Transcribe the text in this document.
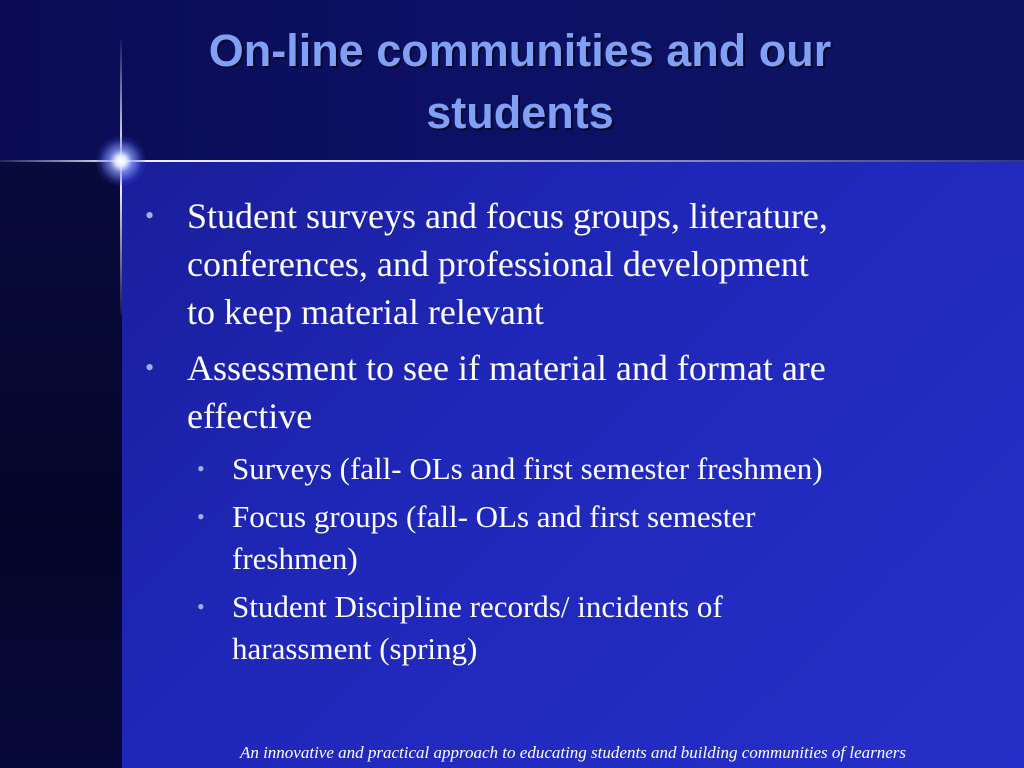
On-line communities and our
students
• Student surveys and focus groups, literature,
conferences, and professional development
to keep material relevant
• Assessment to see if material and format are
effective
• Surveys (fall- OLs and first semester freshmen)
• Focus groups (fall- OLs and first semester
freshmen)
• Student Discipline records/ incidents of
harassment (spring)
An innovative and practical approach to educating students and building communities of learners
